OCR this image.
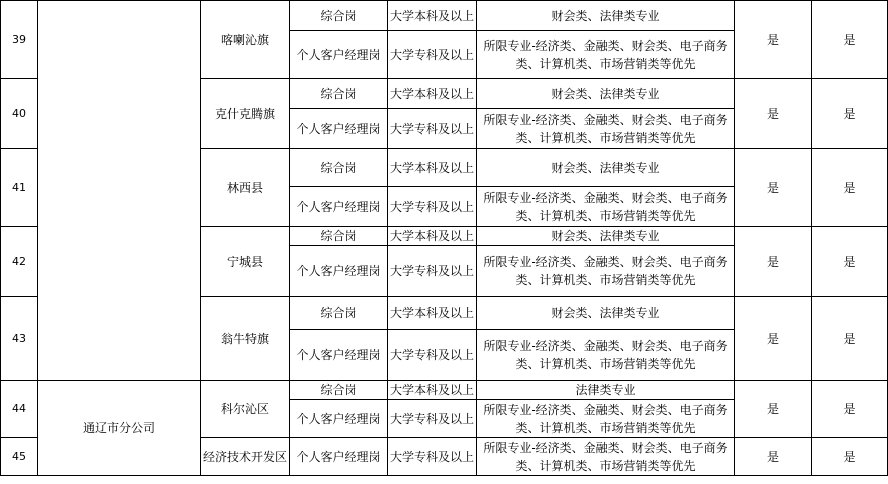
39		喀喇沁旗	综合岗	大学本科及以上	财会类、法律类专业	是	是
			个人客户经理岗	大学专科及以上	所限专业-经济类、金融类、财会类、电子商务类、计算机类、市场营销类等优先		
40		克什克腾旗	综合岗	大学本科及以上	财会类、法律类专业	是	是
			个人客户经理岗	大学专科及以上	所限专业-经济类、金融类、财会类、电子商务类、计算机类、市场营销类等优先		
41		林西县	综合岗	大学本科及以上	财会类、法律类专业	是	是
			个人客户经理岗	大学专科及以上	所限专业-经济类、金融类、财会类、电子商务类、计算机类、市场营销类等优先		
42		宁城县	综合岗	大学本科及以上	财会类、法律类专业	是	是
			个人客户经理岗	大学专科及以上	所限专业-经济类、金融类、财会类、电子商务类、计算机类、市场营销类等优先		
43		翁牛特旗	综合岗	大学本科及以上	财会类、法律类专业	是	是
			个人客户经理岗	大学专科及以上	所限专业-经济类、金融类、财会类、电子商务类、计算机类、市场营销类等优先		
44	通辽市分公司	科尔沁区	综合岗	大学本科及以上	法律类专业	是	是
			个人客户经理岗	大学专科及以上	所限专业-经济类、金融类、财会类、电子商务类、计算机类、市场营销类等优先		
45		经济技术开发区	个人客户经理岗	大学专科及以上	所限专业-经济类、金融类、财会类、电子商务类、计算机类、市场营销类等优先	是	是
